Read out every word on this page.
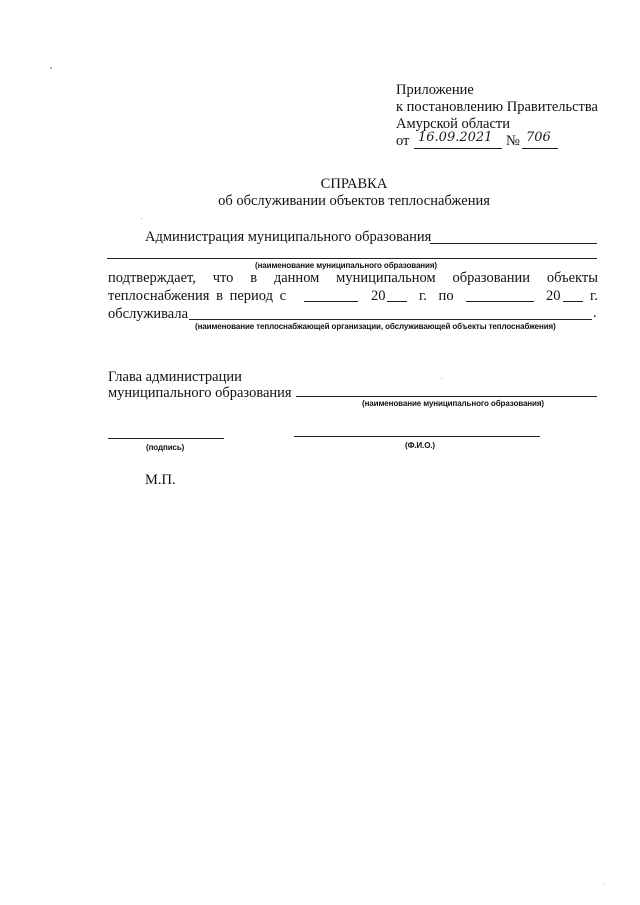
Приложение
к постановлению Правительства
Амурской области
от 16.09.2021 № 706
СПРАВКА
об обслуживании объектов теплоснабжения
Администрация муниципального образования
(наименование муниципального образования)
подтверждает, что в данном муниципальном образовании объекты
теплоснабжения в период с	20 г. по	20 г.
обслуживала	.
(наименование теплоснабжающей организации, обслуживающей объекты теплоснабжения)
Глава администрации
муниципального образования
(наименование муниципального образования)
(подпись)	(Ф.И.О.)
М.П.
